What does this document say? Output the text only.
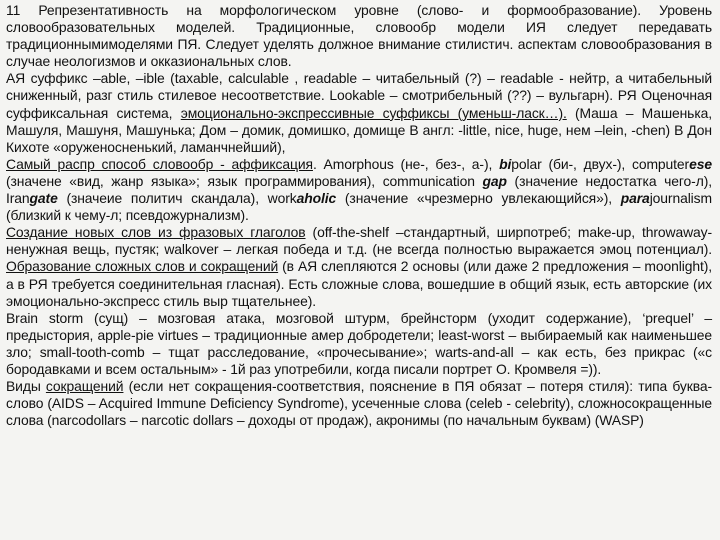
11 Репрезентативность на морфологическом уровне (слово- и формообразование). Уровень словообразовательных моделей. Традиционные, словообр модели ИЯ следует передавать традиционнымимоделями ПЯ. Следует уделять должное внимание стилистич. аспектам словообразования в случае неологизмов и окказиональных слов.
АЯ суффикс –able, –ible (taxable, calculable , readable – читабельный (?) – readable - нейтр, а читабельный сниженный, разг стиль стилевое несоответствие. Lookable – смотрибельный (??) – вульгарн). РЯ Оценочная суффиксальная система, эмоционально-экспрессивные суффиксы (уменьш-ласк…). (Маша – Машенька, Машуля, Машуня, Машунька; Дом – домик, домишко, домище В англ: -little, nice, huge, нем –lein, -chen) В Дон Кихоте «оруженосненький, ламанчнейший),
Самый распр способ словообр - аффиксация. Amorphous (не-, без-, а-), bipolar (би-, двух-), computerese (значене «вид, жанр языка»; язык программирования), communication gap (значение недостатка чего-л), Irangate (значеие политич скандала), workaholic (значение «чрезмерно увлекающийся»), parajournalism (близкий к чему-л; псевдожурнализм).
Создание новых слов из фразовых глаголов (off-the-shelf –стандартный, ширпотреб; make-up, throwaway-ненужная вещь, пустяк; walkover – легкая победа и т.д. (не всегда полностью выражается эмоц потенциал). Образование сложных слов и сокращений (в АЯ слепляются 2 основы (или даже 2 предложения – moonlight), а в РЯ требуется соединительная гласная). Есть сложные слова, вошедшие в общий язык, есть авторские (их эмоционально-экспресс стиль выр тщательнее).
Brain storm (сущ) – мозговая атака, мозговой штурм, брейнсторм (уходит содержание), ‘prequel’ – предыстория, apple-pie virtues – традиционные амер добродетели; least-worst – выбираемый как наименьшее зло; small-tooth-comb – тщат расследование, «прочесывание»; warts-and-all – как есть, без прикрас («с бородавками и всем остальным» - 1й раз употребили, когда писали портрет О. Кромвеля =)).
Виды сокращений (если нет сокращения-соответствия, пояснение в ПЯ обязат – потеря стиля): типа буква-слово (AIDS – Acquired Immune Deficiency Syndrome), усеченные слова (celeb - celebrity), сложносокращенные слова (narcodollars – narcotic dollars – доходы от продаж), акронимы (по начальным буквам) (WASP)
